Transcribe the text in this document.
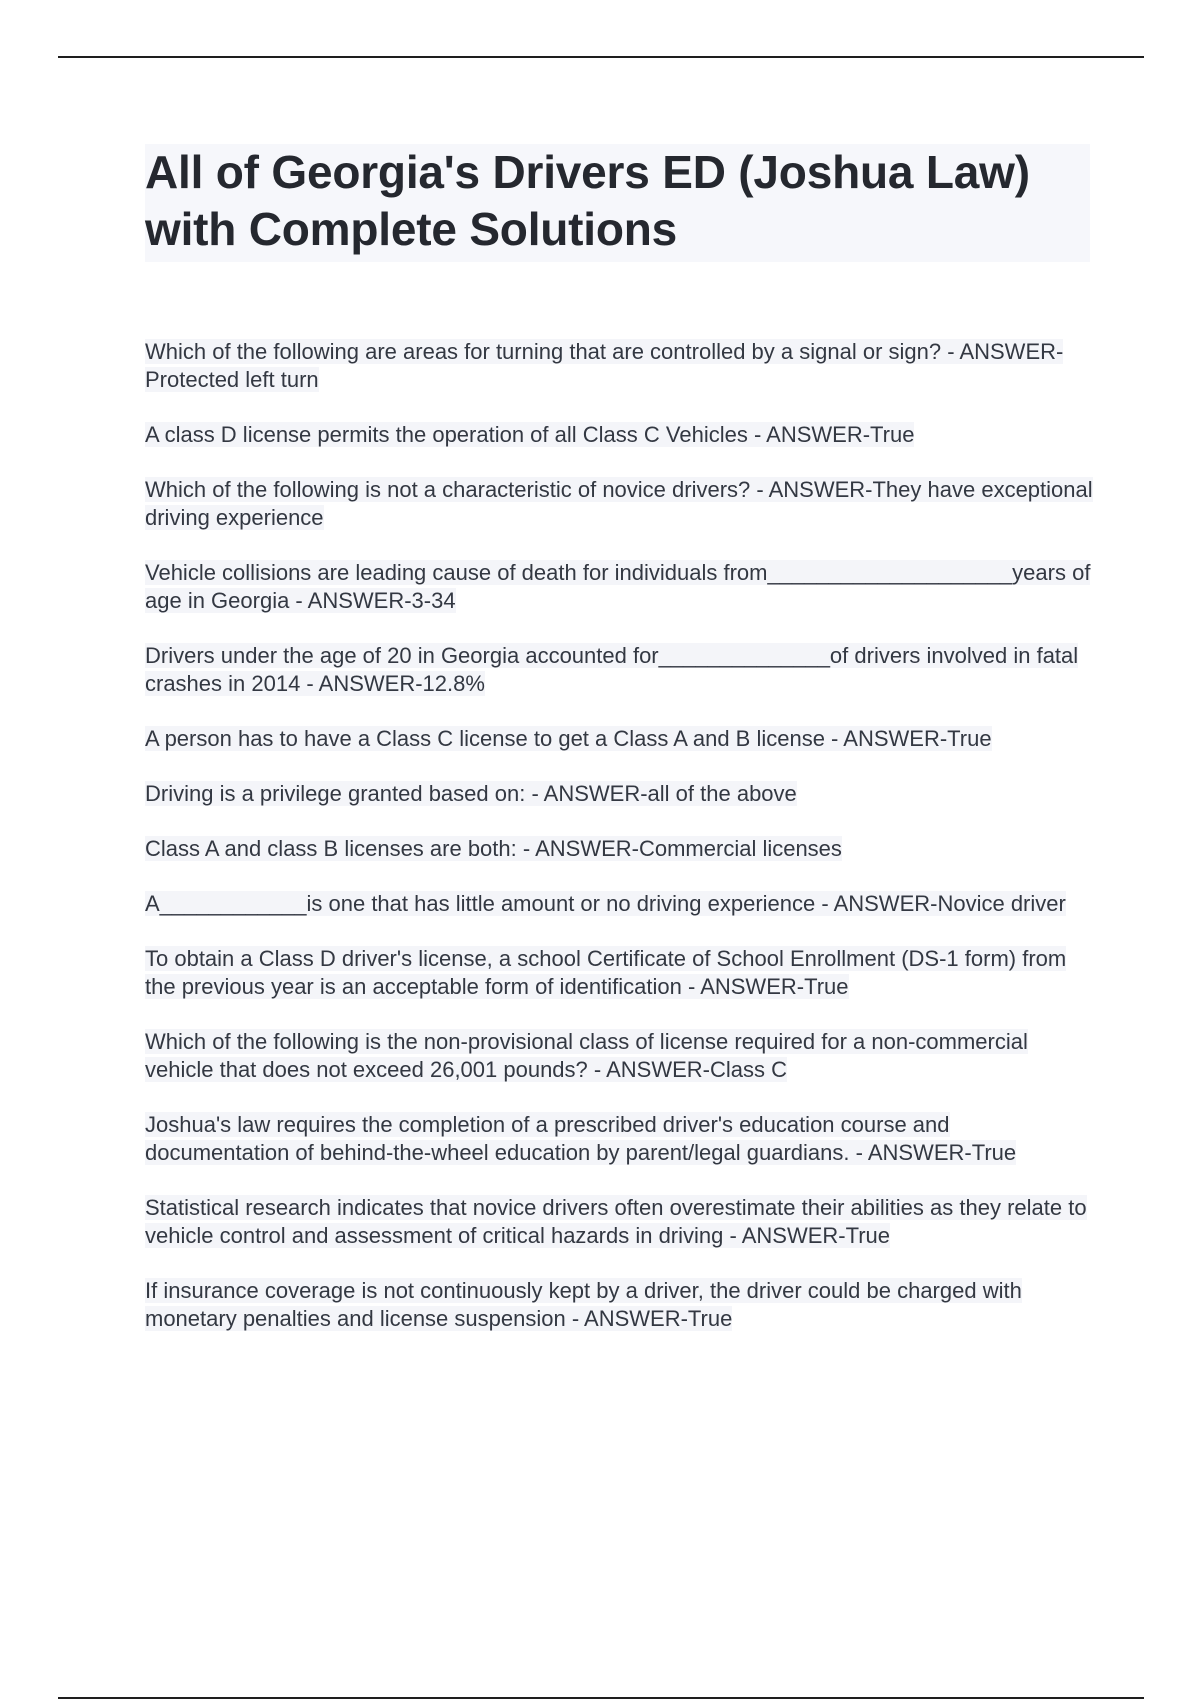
All of Georgia's Drivers ED (Joshua Law)
with Complete Solutions
Which of the following are areas for turning that are controlled by a signal or sign? - ANSWER-Protected left turn
A class D license permits the operation of all Class C Vehicles - ANSWER-True
Which of the following is not a characteristic of novice drivers? - ANSWER-They have exceptional driving experience
Vehicle collisions are leading cause of death for individuals from____________________years of age in Georgia - ANSWER-3-34
Drivers under the age of 20 in Georgia accounted for______________of drivers involved in fatal crashes in 2014 - ANSWER-12.8%
A person has to have a Class C license to get a Class A and B license - ANSWER-True
Driving is a privilege granted based on: - ANSWER-all of the above
Class A and class B licenses are both: - ANSWER-Commercial licenses
A____________is one that has little amount or no driving experience - ANSWER-Novice driver
To obtain a Class D driver's license, a school Certificate of School Enrollment (DS-1 form) from the previous year is an acceptable form of identification - ANSWER-True
Which of the following is the non-provisional class of license required for a non-commercial vehicle that does not exceed 26,001 pounds? - ANSWER-Class C
Joshua's law requires the completion of a prescribed driver's education course and documentation of behind-the-wheel education by parent/legal guardians. - ANSWER-True
Statistical research indicates that novice drivers often overestimate their abilities as they relate to vehicle control and assessment of critical hazards in driving - ANSWER-True
If insurance coverage is not continuously kept by a driver, the driver could be charged with monetary penalties and license suspension - ANSWER-True
